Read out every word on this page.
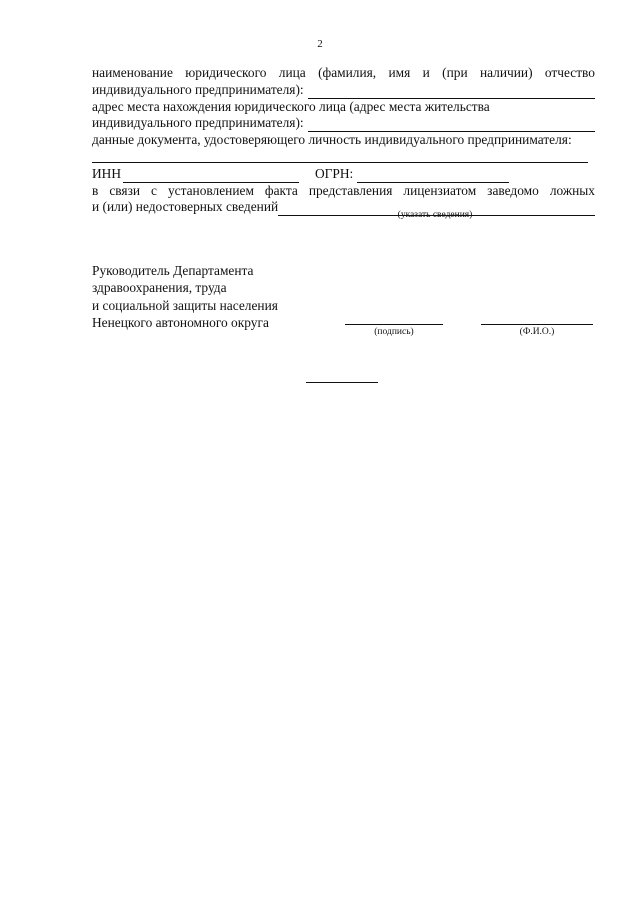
2
наименование юридического лица (фамилия, имя и (при наличии) отчество
индивидуального предпринимателя):
адрес места нахождения юридического лица (адрес места жительства
индивидуального предпринимателя):
данные документа, удостоверяющего личность индивидуального предпринимателя:
ИНН	ОГРН:
в связи с установлением факта представления лицензиатом заведомо ложных
и (или) недостоверных сведений
(указать сведения)
Руководитель Департамента
здравоохранения, труда
и социальной защиты населения
Ненецкого автономного округа
(подпись)	(Ф.И.О.)
